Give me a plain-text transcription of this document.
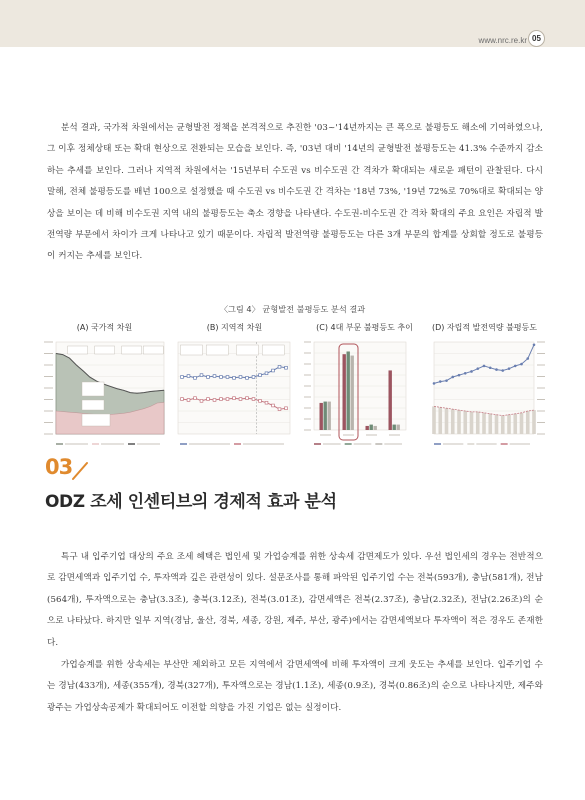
www.nrc.re.kr 05

분석 결과, 국가적 차원에서는 균형발전 정책을 본격적으로 추진한 '03~'14년까지는 큰 폭으로 불평등도 해소에 기여하였으나, 그 이후 정체상태 또는 확대 현상으로 전환되는 모습을 보인다. 즉, '03년 대비 '14년의 균형발전 불평등도는 41.3% 수준까지 감소하는 추세를 보인다. 그러나 지역적 차원에서는 '15년부터 수도권 vs 비수도권 간 격차가 확대되는 새로운 패턴이 관찰된다. 다시 말해, 전체 불평등도를 배년 100으로 설정했을 때 수도권 vs 비수도권 간 격차는 '18년 73%, '19년 72%로 70%대로 확대되는 양상을 보이는 데 비해 비수도권 지역 내의 불평등도는 축소 경향을 나타낸다. 수도권-비수도권 간 격차 확대의 주요 요인은 자립적 발전역량 부문에서 차이가 크게 나타나고 있기 때문이다. 자립적 발전역량 불평등도는 다른 3개 부문의 합계를 상회할 정도로 불평등이 커지는 추세를 보인다.

〈그림 4〉 균형발전 불평등도 분석 결과
(A) 국가적 차원	(B) 지역적 차원	(C) 4대 부문 불평등도 추이	(D) 자립적 발전역량 불평등도
03
ODZ 조세 인센티브의 경제적 효과 분석

특구 내 입주기업 대상의 주요 조세 혜택은 법인세 및 가업승계를 위한 상속세 감면제도가 있다. 우선 법인세의 경우는 전반적으로 감면세액과 입주기업 수, 투자액과 깊은 관련성이 있다. 설문조사를 통해 파악된 입주기업 수는 전북(593개), 충남(581개), 전남(564개), 투자액으로는 충남(3.3조), 충북(3.12조), 전북(3.01조), 감면세액은 전북(2.37조), 충남(2.32조), 전남(2.26조)의 순으로 나타났다. 하지만 일부 지역(경남, 울산, 경북, 세종, 강원, 제주, 부산, 광주)에서는 감면세액보다 투자액이 적은 경우도 존재한다.

가업승계를 위한 상속세는 부산만 제외하고 모든 지역에서 감면세액에 비해 투자액이 크게 웃도는 추세를 보인다. 입주기업 수는 경남(433개), 세종(355개), 경북(327개), 투자액으로는 경남(1.1조), 세종(0.9조), 경북(0.86조)의 순으로 나타나지만, 제주와 광주는 가업상속공제가 확대되어도 이전할 의향을 가진 기업은 없는 실정이다.
